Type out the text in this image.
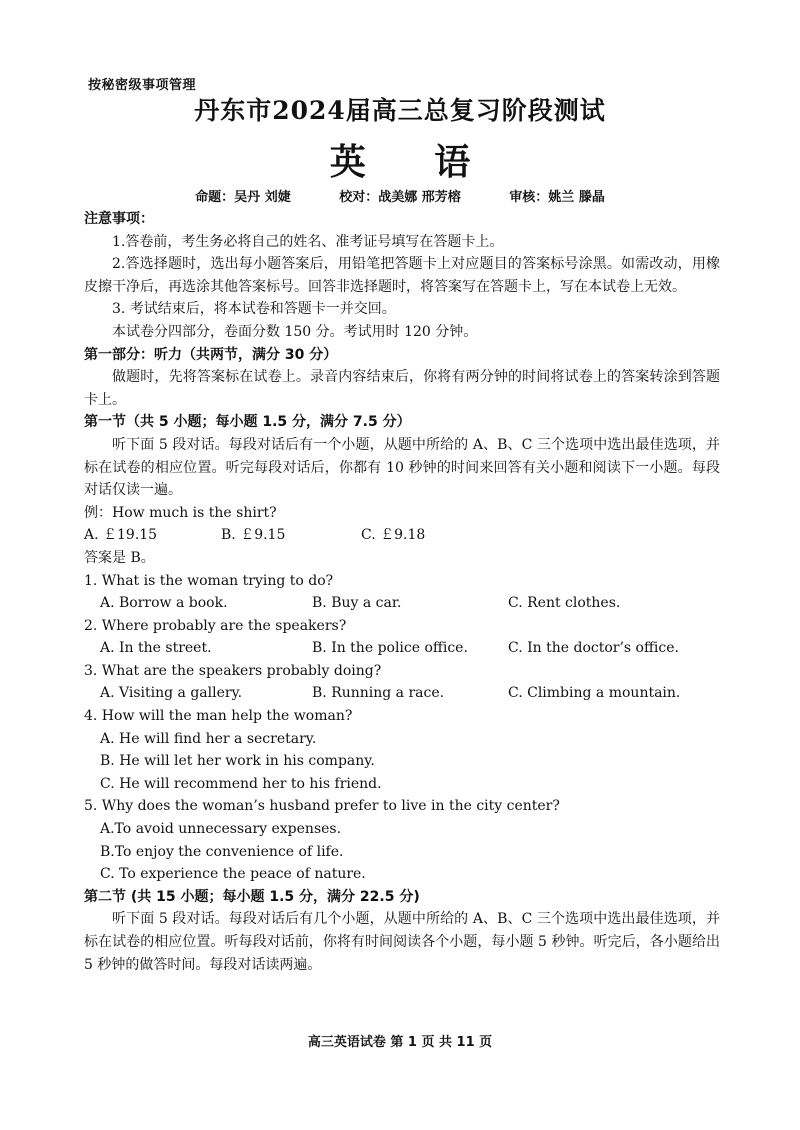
按秘密级事项管理
丹东市2024届高三总复习阶段测试
英 语
命题：吴丹 刘婕	校对：战美娜 邢芳榕	审核：姚兰 滕晶

注意事项：

1.答卷前，考生务必将自己的姓名、准考证号填写在答题卡上。

2.答选择题时，选出每小题答案后，用铅笔把答题卡上对应题目的答案标号涂黑。如需改动，用橡皮擦干净后，再选涂其他答案标号。回答非选择题时，将答案写在答题卡上，写在本试卷上无效。

3. 考试结束后，将本试卷和答题卡一并交回。

本试卷分四部分，卷面分数 150 分。考试用时 120 分钟。

第一部分：听力（共两节，满分 30 分）

做题时，先将答案标在试卷上。录音内容结束后，你将有两分钟的时间将试卷上的答案转涂到答题卡上。

第一节（共 5 小题；每小题 1.5 分，满分 7.5 分）

听下面 5 段对话。每段对话后有一个小题，从题中所给的 A、B、C 三个选项中选出最佳选项，并标在试卷的相应位置。听完每段对话后，你都有 10 秒钟的时间来回答有关小题和阅读下一小题。每段对话仅读一遍。

例：How much is the shirt?

A. ￡19.15	B. ￡9.15	C. ￡9.18

答案是 B。

1. What is the woman trying to do?

A. Borrow a book.	B. Buy a car.	C. Rent clothes.

2. Where probably are the speakers?

A. In the street.	B. In the police office.	C. In the doctor’s office.

3. What are the speakers probably doing?

A. Visiting a gallery.	B. Running a race.	C. Climbing a mountain.

4. How will the man help the woman?

A. He will find her a secretary.

B. He will let her work in his company.

C. He will recommend her to his friend.

5. Why does the woman’s husband prefer to live in the city center?

A.To avoid unnecessary expenses.

B.To enjoy the convenience of life.

C. To experience the peace of nature.

第二节 (共 15 小题；每小题 1.5 分，满分 22.5 分)

听下面 5 段对话。每段对话后有几个小题，从题中所给的 A、B、C 三个选项中选出最佳选项，并标在试卷的相应位置。听每段对话前，你将有时间阅读各个小题，每小题 5 秒钟。听完后，各小题给出 5 秒钟的做答时间。每段对话读两遍。

高三英语试卷 第 1 页 共 11 页
